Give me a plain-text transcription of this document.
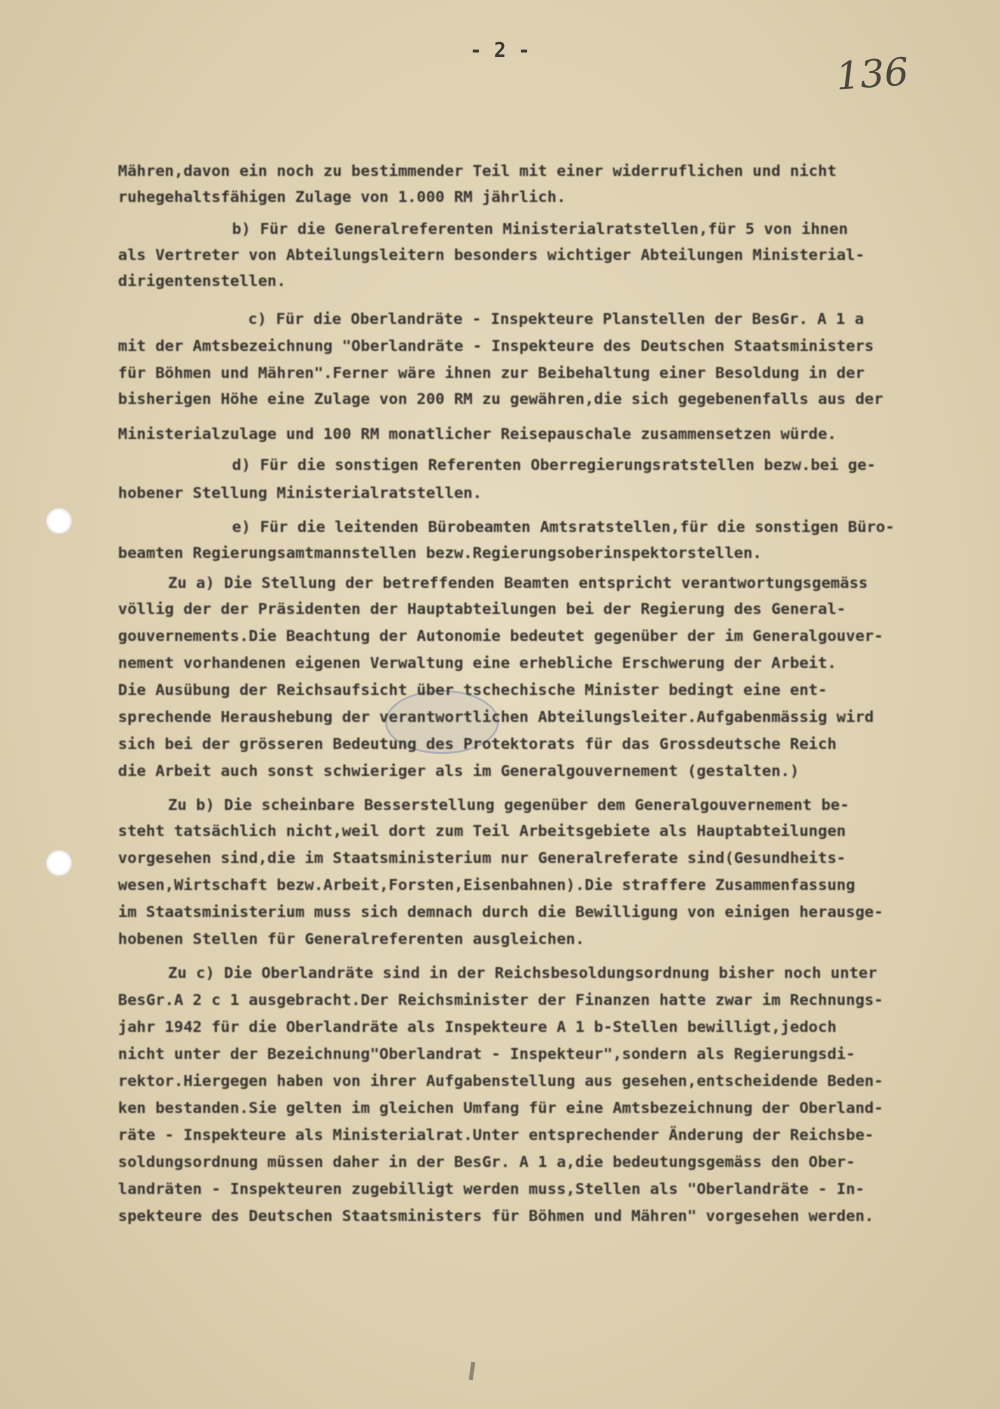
- 2 -	136
Mähren,davon ein noch zu bestimmender Teil mit einer widerruflichen und nicht
ruhegehaltsfähigen Zulage von 1.000 RM jährlich.
b) Für die Generalreferenten Ministerialratstellen,für 5 von ihnen
als Vertreter von Abteilungsleitern besonders wichtiger Abteilungen Ministerial-
dirigentenstellen.
c) Für die Oberlandräte - Inspekteure Planstellen der BesGr. A 1 a
mit der Amtsbezeichnung "Oberlandräte - Inspekteure des Deutschen Staatsministers
für Böhmen und Mähren".Ferner wäre ihnen zur Beibehaltung einer Besoldung in der
bisherigen Höhe eine Zulage von 200 RM zu gewähren,die sich gegebenenfalls aus der
Ministerialzulage und 100 RM monatlicher Reisepauschale zusammensetzen würde.
d) Für die sonstigen Referenten Oberregierungsratstellen bezw.bei ge-
hobener Stellung Ministerialratstellen.
e) Für die leitenden Bürobeamten Amtsratstellen,für die sonstigen Büro-
beamten Regierungsamtmannstellen bezw.Regierungsoberinspektorstellen.
Zu a) Die Stellung der betreffenden Beamten entspricht verantwortungsgemäss
völlig der der Präsidenten der Hauptabteilungen bei der Regierung des General-
gouvernements.Die Beachtung der Autonomie bedeutet gegenüber der im Generalgouver-
nement vorhandenen eigenen Verwaltung eine erhebliche Erschwerung der Arbeit.
Die Ausübung der Reichsaufsicht über tschechische Minister bedingt eine ent-
sprechende Heraushebung der verantwortlichen Abteilungsleiter.Aufgabenmässig wird
sich bei der grösseren Bedeutung des Protektorats für das Grossdeutsche Reich
die Arbeit auch sonst schwieriger als im Generalgouvernement (gestalten.)
Zu b) Die scheinbare Besserstellung gegenüber dem Generalgouvernement be-
steht tatsächlich nicht,weil dort zum Teil Arbeitsgebiete als Hauptabteilungen
vorgesehen sind,die im Staatsministerium nur Generalreferate sind(Gesundheits-
wesen,Wirtschaft bezw.Arbeit,Forsten,Eisenbahnen).Die straffere Zusammenfassung
im Staatsministerium muss sich demnach durch die Bewilligung von einigen herausge-
hobenen Stellen für Generalreferenten ausgleichen.
Zu c) Die Oberlandräte sind in der Reichsbesoldungsordnung bisher noch unter
BesGr.A 2 c 1 ausgebracht.Der Reichsminister der Finanzen hatte zwar im Rechnungs-
jahr 1942 für die Oberlandräte als Inspekteure A 1 b-Stellen bewilligt,jedoch
nicht unter der Bezeichnung"Oberlandrat - Inspekteur",sondern als Regierungsdi-
rektor.Hiergegen haben von ihrer Aufgabenstellung aus gesehen,entscheidende Beden-
ken bestanden.Sie gelten im gleichen Umfang für eine Amtsbezeichnung der Oberland-
räte - Inspekteure als Ministerialrat.Unter entsprechender Änderung der Reichsbe-
soldungsordnung müssen daher in der BesGr. A 1 a,die bedeutungsgemäss den Ober-
landräten - Inspekteuren zugebilligt werden muss,Stellen als "Oberlandräte - In-
spekteure des Deutschen Staatsministers für Böhmen und Mähren" vorgesehen werden.
